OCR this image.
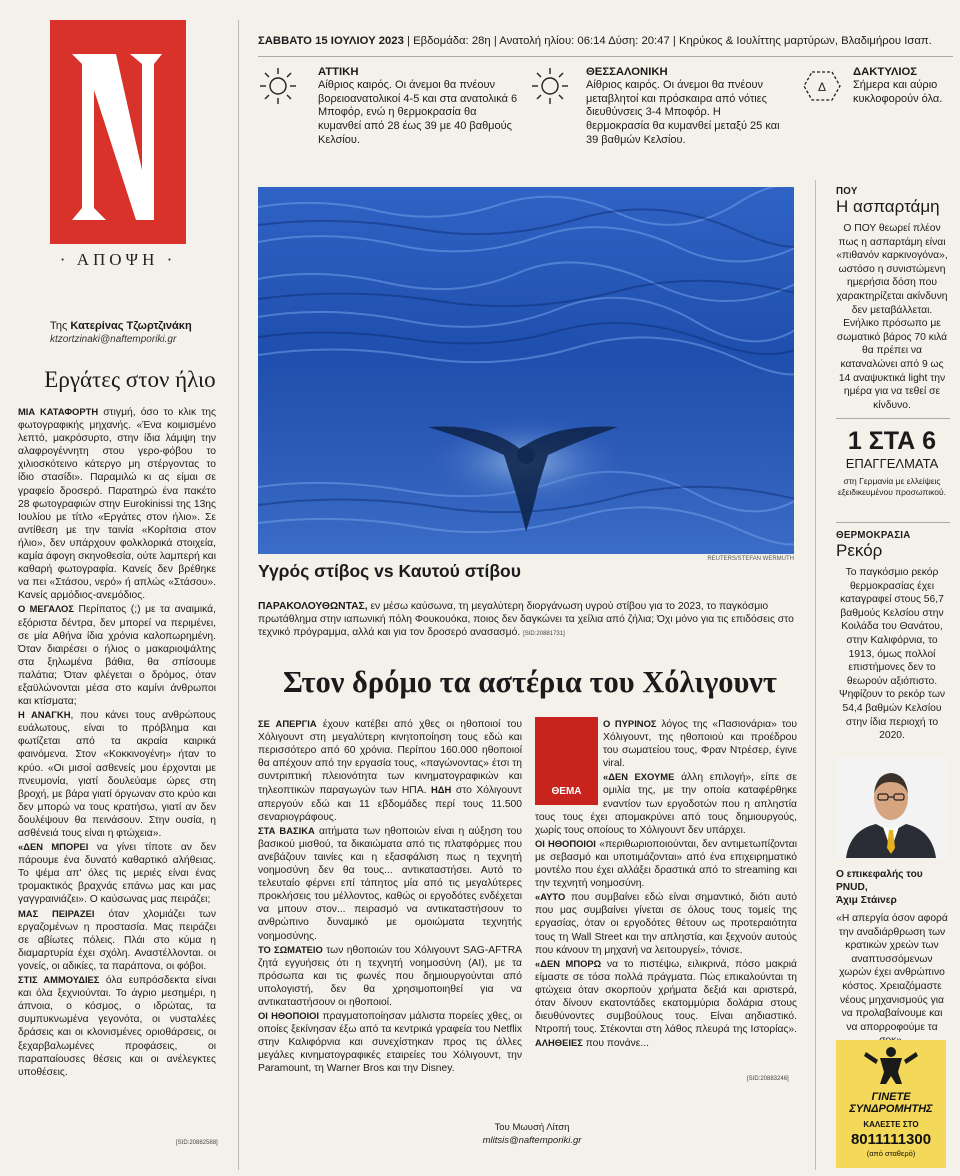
· ΑΠΟΨΗ ·
Της Κατερίνας Τζωρτζινάκη
ktzortzinaki@naftemporiki.gr
Εργάτες στον ήλιο

ΜΙΑ ΚΑΤΑΦΟΡΤΗ στιγμή, όσο το κλικ της φωτογραφικής μηχανής. «Ένα κοιμισμένο λεπτό, μακρόσυρτο, στην ίδια λάμψη την αλαφρογέννητη στου γερο-φόβου το χιλιοσκότεινο κάτεργο μη στέργοντας το ίδιο στασίδι». Παραμιλώ κι ας είμαι σε γραφείο δροσερό. Παρατηρώ ένα πακέτο 28 φωτογραφιών στην Eurokinissi της 13ης Ιουλίου με τίτλο «Εργάτες στον ήλιο». Σε αντίθεση με την ταινία «Κορίτσια στον ήλιο», δεν υπάρχουν φολκλορικά στοιχεία, καμία άφογη σκηνοθεσία, ούτε λαμπερή και καθαρή φωτογραφία. Κανείς δεν βρέθηκε να πει «Στάσου, νερό» ή απλώς «Στάσου». Κανείς αρμόδιος-ανεμόδιος.

Ο ΜΕΓΑΛΟΣ Περίπατος (;) με τα αναιμικά, εξόριστα δέντρα, δεν μπορεί να περιμένει, σε μία Αθήνα ίδια χρόνια καλοπωρημένη. Όταν διαιρέσει ο ήλιος ο μακαριοψάλτης στα ξηλωμένα βάθια, θα σπίσουμε παλάτια; Όταν φλέγεται ο δρόμος, όταν εξαϋλώνονται μέσα στο καμίνι άνθρωποι και κτίσματα;

Η ΑΝΑΓΚΗ, που κάνει τους ανθρώπους ευάλωτους, είναι το πρόβλημα και φωτίζεται από τα ακραία καιρικά φαινόμενα. Στον «Κοκκινογένη» ήταν το κρύο. «Οι μισοί ασθενείς μου έρχονται με πνευμονία, γιατί δουλεύαμε ώρες στη βροχή, με βάρα γιατί όργωναν στο κρύο και δεν μπορώ να τους κρατήσω, γιατί αν δεν δουλέψουν θα πεινάσουν. Στην ουσία, η ασθένειά τους είναι η φτώχεια».

«ΔΕΝ ΜΠΟΡΕΙ να γίνει τίποτε αν δεν πάρουμε ένα δυνατό καθαρτικό αλήθειας. Το ψέμα απ' όλες τις μεριές είναι ένας τρομακτικός βραχνάς επάνω μας και μας γαγγραινιάζει». Ο καύσωνας μας πειράζει;

ΜΑΣ ΠΕΙΡΑΖΕΙ όταν χλομιάζει των εργαζομένων η προστασία. Μας πειράζει σε αβίωτες πόλεις. Πλάι στο κύμα η διαμαρτυρία έχει σχόλη. Αναστέλλονται. οι γονείς, οι αδικίες, τα παράπονα, οι φόβοι.

ΣΤΙΣ ΑΜΜΟΥΔΙΕΣ όλα ευπρόσδεκτα είναι και όλα ξεχνιούνται. Το άγριο μεσημέρι, η άπνοια, ο κόσμος, ο ιδρώτας, τα συμπυκνωμένα γεγονότα, οι νυσταλέες δράσεις και οι κλονισμένες οριοθάρσεις, οι ξεχαρβαλωμένες προφάσεις, οι παραπαίουσες θέσεις και οι ανέλεγκτες υποθέσεις.

[SID:20882588]
ΣΑΒΒΑΤΟ 15 ΙΟΥΛΙΟΥ 2023 | Εβδομάδα: 28η | Ανατολή ηλίου: 06:14 Δύση: 20:47 | Κηρύκος & Ιουλίττης μαρτύρων, Βλαδιμήρου Ισαπ.
ΑΤΤΙΚΗ
Αίθριος καιρός. Οι άνεμοι θα πνέουν βορειοανατολικοί 4-5 και στα ανατολικά 6 Μποφόρ, ενώ η θερμοκρασία θα κυμανθεί από 28 έως 39 με 40 βαθμούς Κελσίου.
ΘΕΣΣΑΛΟΝΙΚΗ
Αίθριος καιρός. Οι άνεμοι θα πνέουν μεταβλητοί και πρόσκαιρα από νότιες διευθύνσεις 3-4 Μποφόρ. Η θερμοκρασία θα κυμανθεί μεταξύ 25 και 39 βαθμών Κελσίου.
Δ
ΔΑΚΤΥΛΙΟΣ
Σήμερα και αύριο κυκλοφορούν όλα.
REUTERS/STEFAN WERMUTH
Υγρός στίβος vs Καυτού στίβου
ΠΑΡΑΚΟΛΟΥΘΩΝΤΑΣ, εν μέσω καύσωνα, τη μεγαλύτερη διοργάνωση υγρού στίβου για το 2023, το παγκόσμιο πρωτάθλημα στην ιαπωνική πόλη Φουκουόκα, ποιος δεν δαγκώνει τα χείλια από ζήλια; Όχι μόνο για τις επιδόσεις στο τεχνικό πρόγραμμα, αλλά και για τον δροσερό ανασασμό. [SID:20881731]
Στον δρόμο τα αστέρια του Χόλιγουντ

ΣΕ ΑΠΕΡΓΙΑ έχουν κατέβει από χθες οι ηθοποιοί του Χόλιγουντ στη μεγαλύτερη κινητοποίηση τους εδώ και περισσότερο από 60 χρόνια. Περίπου 160.000 ηθοποιοί θα απέχουν από την εργασία τους, «παγώνοντας» έτσι τη συντριπτική πλειονότητα των κινηματογραφικών και τηλεοπτικών παραγωγών των ΗΠΑ. ΗΔΗ στο Χόλιγουντ απεργούν εδώ και 11 εβδομάδες περί τους 11.500 σεναριογράφους.

ΣΤΑ ΒΑΣΙΚΑ αιτήματα των ηθοποιών είναι η αύξηση του βασικού μισθού, τα δικαιώματα από τις πλατφόρμες που ανεβάζουν ταινίες και η εξασφάλιση πως η τεχνητή νοημοσύνη δεν θα τους... αντικαταστήσει. Αυτό το τελευταίο φέρνει επί τάπητος μία από τις μεγαλύτερες προκλήσεις του μέλλοντος, καθώς οι εργοδότες ενδέχεται να μπουν στον... πειρασμό να αντικαταστήσουν το ανθρώπινο δυναμικό με ομοιώματα τεχνητής νοημοσύνης.

ΤΟ ΣΩΜΑΤΕΙΟ των ηθοποιών του Χόλιγουντ SAG-AFTRA ζητά εγγυήσεις ότι η τεχνητή νοημοσύνη (AI), με τα πρόσωπα και τις φωνές που δημιουργούνται από υπολογιστή, δεν θα χρησιμοποιηθεί για να αντικαταστήσουν οι ηθοποιοί.

ΟΙ ΗΘΟΠΟΙΟΙ πραγματοποίησαν μάλιστα πορείες χθες, οι οποίες ξεκίνησαν έξω από τα κεντρικά γραφεία του Netflix στην Καλιφόρνια και συνεχίστηκαν προς τις άλλες μεγάλες κινηματογραφικές εταιρείες του Χόλιγουντ, την Paramount, τη Warner Bros και την Disney.

ΘΕΜΑ

Ο ΠΥΡΙΝΟΣ λόγος της «Πασιονάρια» του Χόλιγουντ, της ηθοποιού και προέδρου του σωματείου τους, Φραν Ντρέσερ, έγινε viral.

«ΔΕΝ ΕΧΟΥΜΕ άλλη επιλογή», είπε σε ομιλία της, με την οποία καταφέρθηκε εναντίον των εργοδοτών που η απληστία τους τους έχει απομακρύνει από τους δημιουργούς, χωρίς τους οποίους το Χόλιγουντ δεν υπάρχει.

ΟΙ ΗΘΟΠΟΙΟΙ «περιθωριοποιούνται, δεν αντιμετωπίζονται με σεβασμό και υποτιμάζονται» από ένα επιχειρηματικό μοντέλο που έχει αλλάξει δραστικά από το streaming και την τεχνητή νοημοσύνη.

«ΑΥΤΟ που συμβαίνει εδώ είναι σημαντικό, διότι αυτό που μας συμβαίνει γίνεται σε όλους τους τομείς της εργασίας, όταν οι εργοδότες θέτουν ως προτεραιότητα τους τη Wall Street και την απληστία, και ξεχνούν αυτούς που κάνουν τη μηχανή να λειτουργεί», τόνισε.

«ΔΕΝ ΜΠΟΡΩ να το πιστέψω, ειλικρινά, πόσο μακριά είμαστε σε τόσα πολλά πράγματα. Πώς επικαλούνται τη φτώχεια όταν σκορπούν χρήματα δεξιά και αριστερά, όταν δίνουν εκατοντάδες εκατομμύρια δολάρια στους διευθύνοντες συμβούλους τους. Είναι αηδιαστικό. Ντροπή τους. Στέκονται στη λάθος πλευρά της Ιστορίας». ΑΛΗΘΕΙΕΣ που πονάνε...

[SID:20883246]
Του Μωυσή Λίτση
mlitsis@naftemporiki.gr
ΠΟΥ
Η ασπαρτάμη
Ο ΠΟΥ θεωρεί πλέον πως η ασπαρτάμη είναι «πιθανόν καρκινογόνα», ωστόσο η συνιστώμενη ημερήσια δόση που χαρακτηρίζεται ακίνδυνη δεν μεταβάλλεται. Ενήλικο πρόσωπο με σωματικό βάρος 70 κιλά θα πρέπει να καταναλώνει από 9 ως 14 αναψυκτικά light την ημέρα για να τεθεί σε κίνδυνο.
1 ΣΤΑ 6
ΕΠΑΓΓΕΛΜΑΤΑ
στη Γερμανία με ελλείψεις εξειδικευμένου προσωπικού.
ΘΕΡΜΟΚΡΑΣΙΑ
Ρεκόρ
Το παγκόσμιο ρεκόρ θερμοκρασίας έχει καταγραφεί στους 56,7 βαθμούς Κελσίου στην Κοιλάδα του Θανάτου, στην Καλιφόρνια, το 1913, όμως πολλοί επιστήμονες δεν το θεωρούν αξιόπιστο. Ψηφίζουν το ρεκόρ των 54,4 βαθμών Κελσίου στην ίδια περιοχή το 2020.
Ο επικεφαλής του PNUD,
Άχιμ Στάινερ
«Η απεργία όσον αφορά την αναδιάρθρωση των κρατικών χρεών των αναπτυσσόμενων χωρών έχει ανθρώπινο κόστος. Χρειαζόμαστε νέους μηχανισμούς για να προλαβαίνουμε και να απορροφούμε τα
ΓΙΝΕΤΕ
ΣΥΝΔΡΟΜΗΤΗΣ
ΚΑΛΕΣΤΕ ΣΤΟ
8011111300
(από σταθερό)
